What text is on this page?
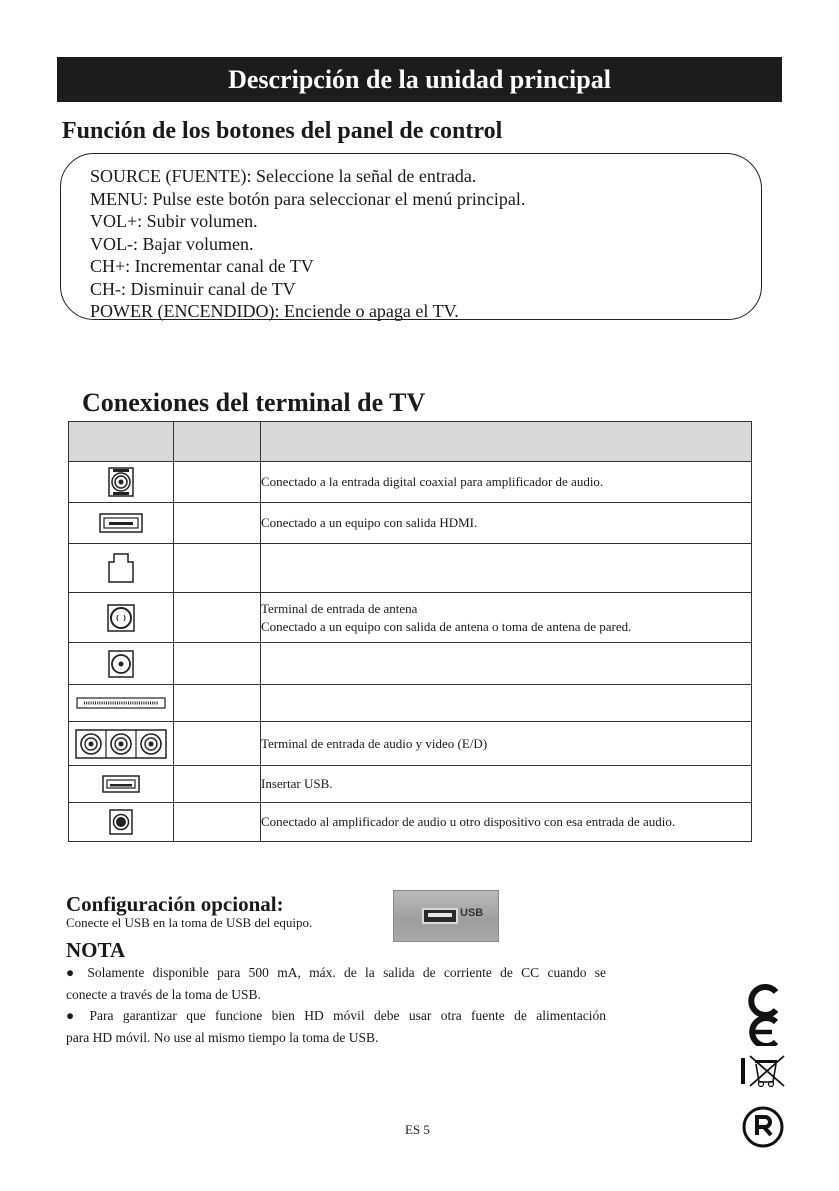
Descripción de la unidad principal
Función de los botones del panel de control
SOURCE (FUENTE): Seleccione la señal de entrada.
MENU: Pulse este botón para seleccionar el menú principal.
VOL+: Subir volumen.
VOL-: Bajar volumen.
CH+: Incrementar canal de TV
CH-: Disminuir canal de TV
POWER (ENCENDIDO): Enciende o apaga el TV.
Conexiones del terminal de TV

Conectado a la entrada digital coaxial para amplificador de audio.

Conectado a un equipo con salida HDMI.

Terminal de entrada de antena
Conectado a un equipo con salida de antena o toma de antena de pared.

Terminal de entrada de audio y video (E/D)

Insertar USB.

Conectado al amplificador de audio u otro dispositivo con esa entrada de audio.
Configuración opcional:
Conecte el USB en la toma de USB del equipo.
USB
NOTA

● Solamente disponible para 500 mA, máx. de la salida de corriente de CC cuando se

conecte a través de la toma de USB.

● Para garantizar que funcione bien HD móvil debe usar otra fuente de alimentación

para HD móvil. No use al mismo tiempo la toma de USB.

ES 5
